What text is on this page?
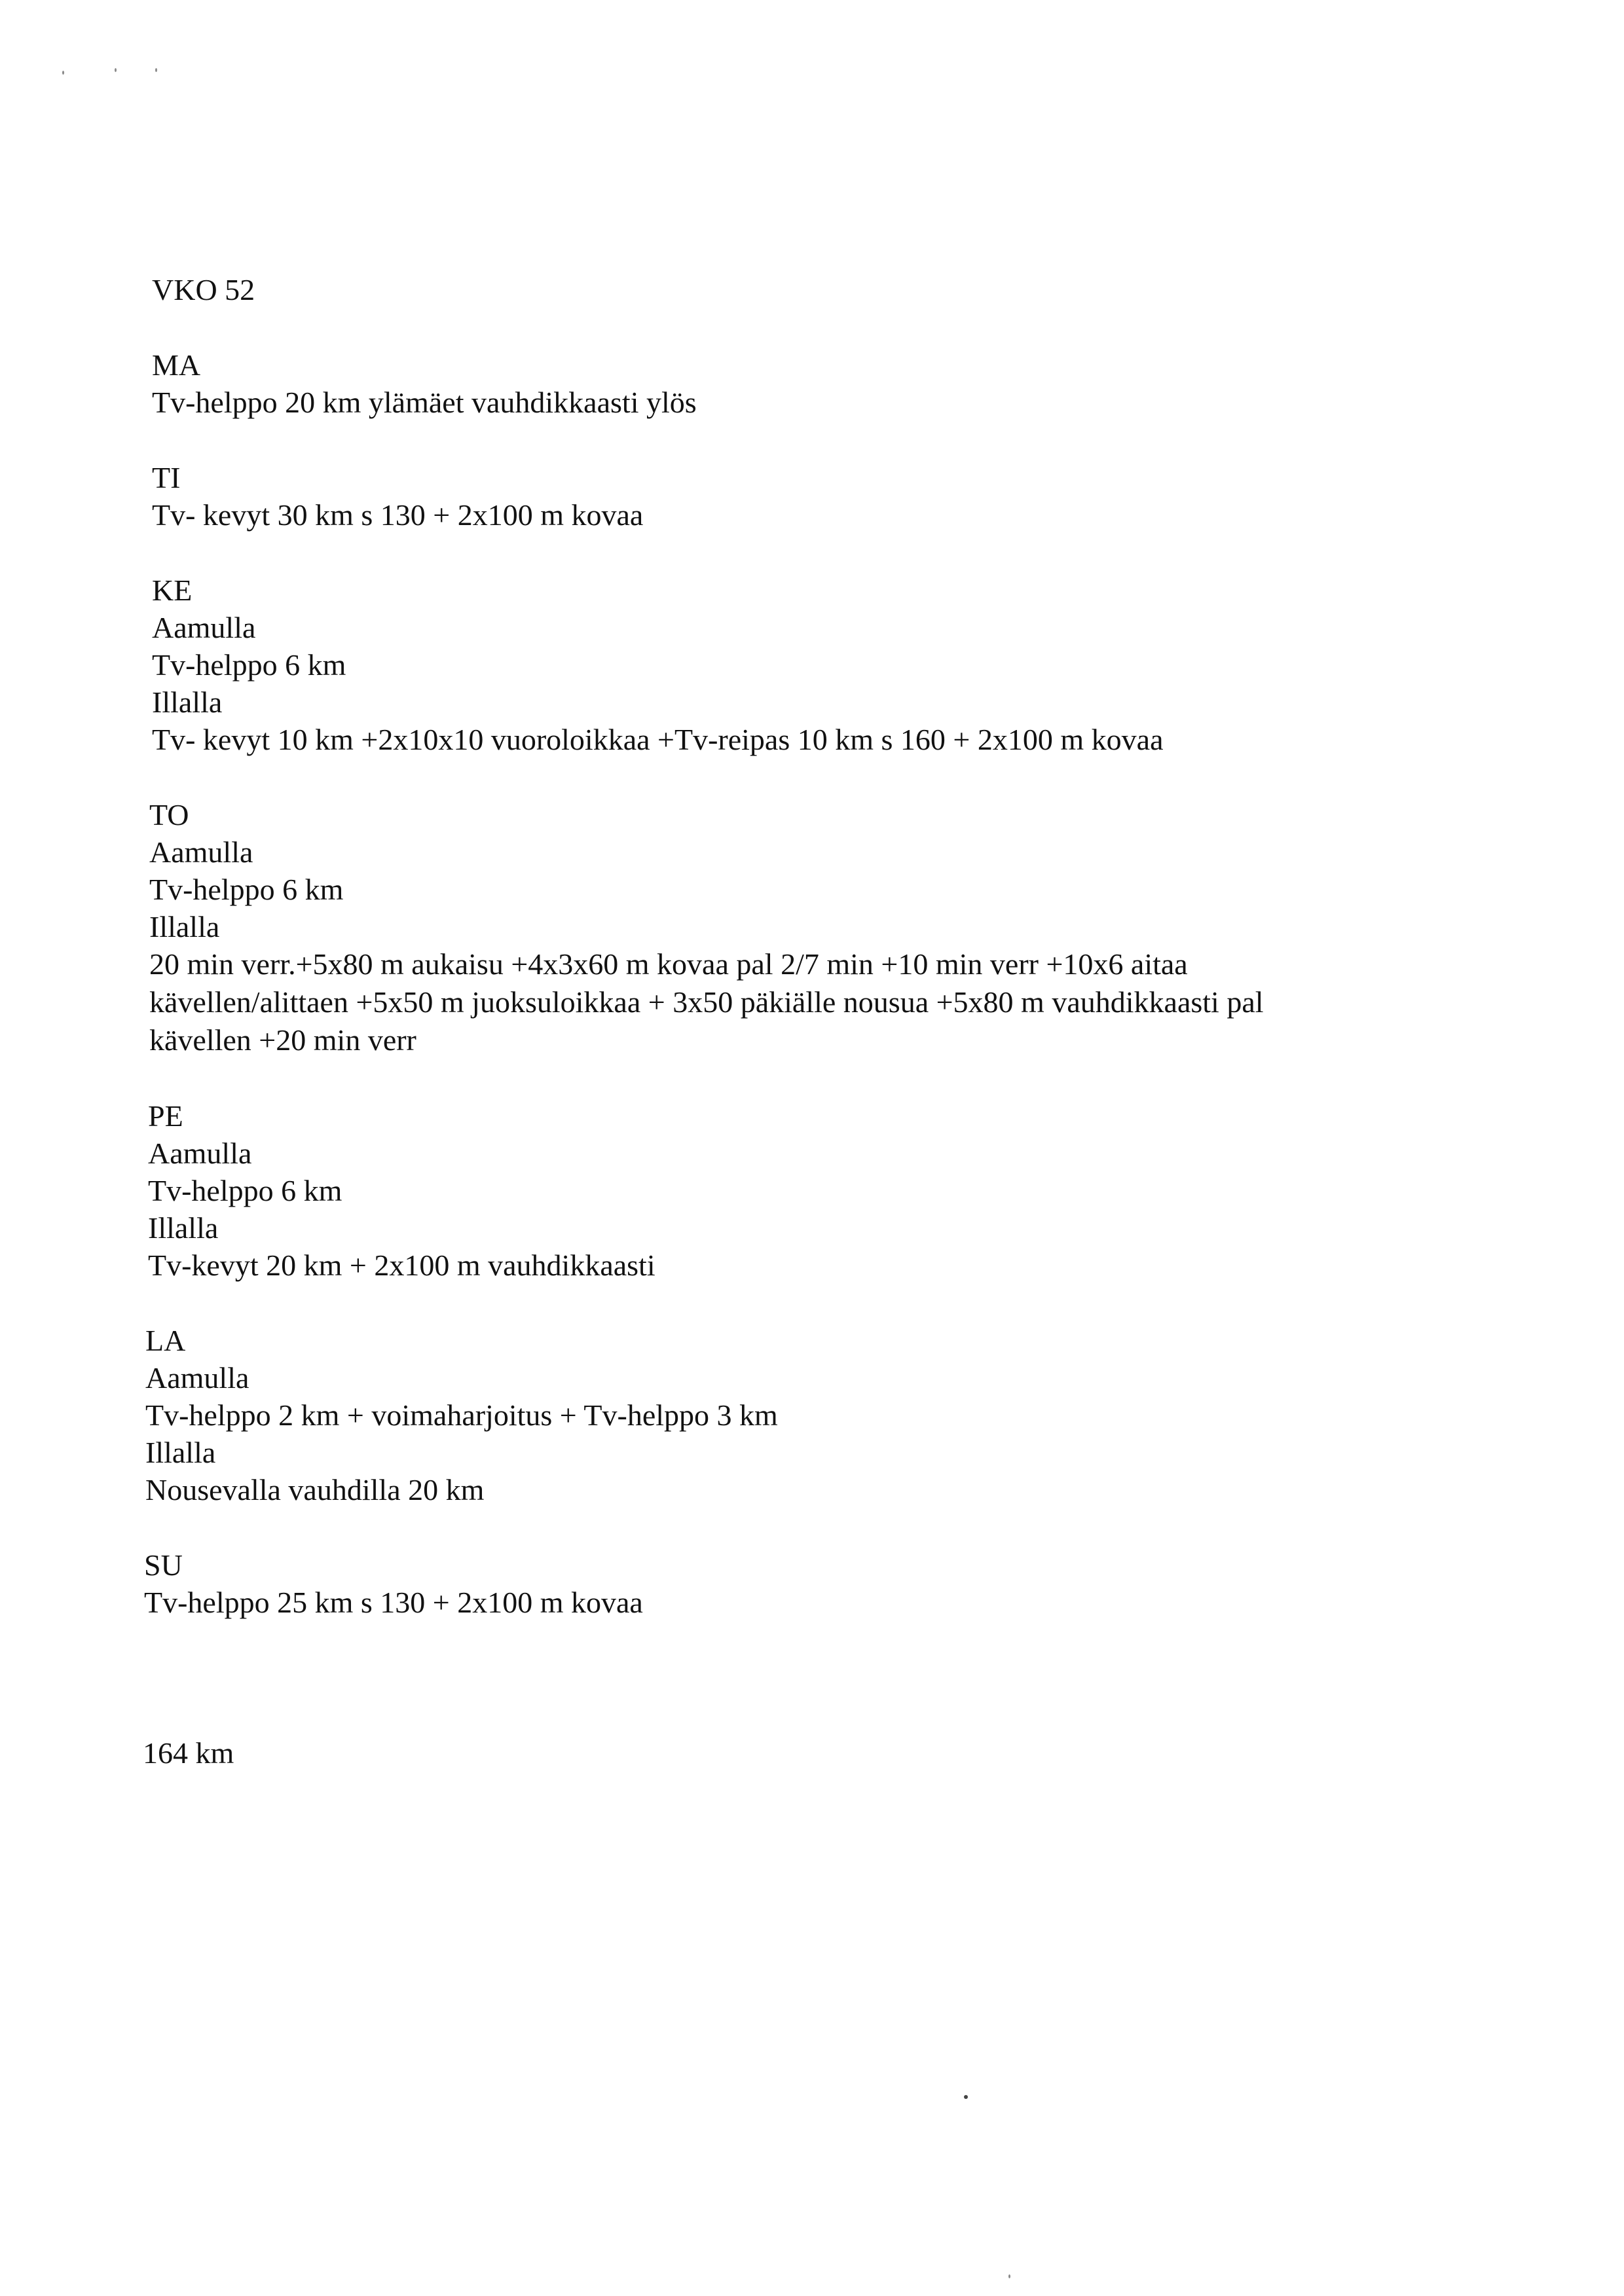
VKO 52
MA
Tv-helppo 20 km ylämäet vauhdikkaasti ylös
TI
Tv- kevyt 30 km s 130 + 2x100 m kovaa
KE
Aamulla
Tv-helppo 6 km
Illalla
Tv- kevyt 10 km +2x10x10 vuoroloikkaa +Tv-reipas 10 km s 160 + 2x100 m kovaa
TO
Aamulla
Tv-helppo 6 km
Illalla
20 min verr.+5x80 m aukaisu +4x3x60 m kovaa pal 2/7 min +10 min verr +10x6 aitaa
kävellen/alittaen +5x50 m juoksuloikkaa + 3x50 päkiälle nousua +5x80 m vauhdikkaasti pal
kävellen +20 min verr
PE
Aamulla
Tv-helppo 6 km
Illalla
Tv-kevyt 20 km + 2x100 m vauhdikkaasti
LA
Aamulla
Tv-helppo 2 km + voimaharjoitus + Tv-helppo 3 km
Illalla
Nousevalla vauhdilla 20 km
SU
Tv-helppo 25 km s 130 + 2x100 m kovaa
164 km
